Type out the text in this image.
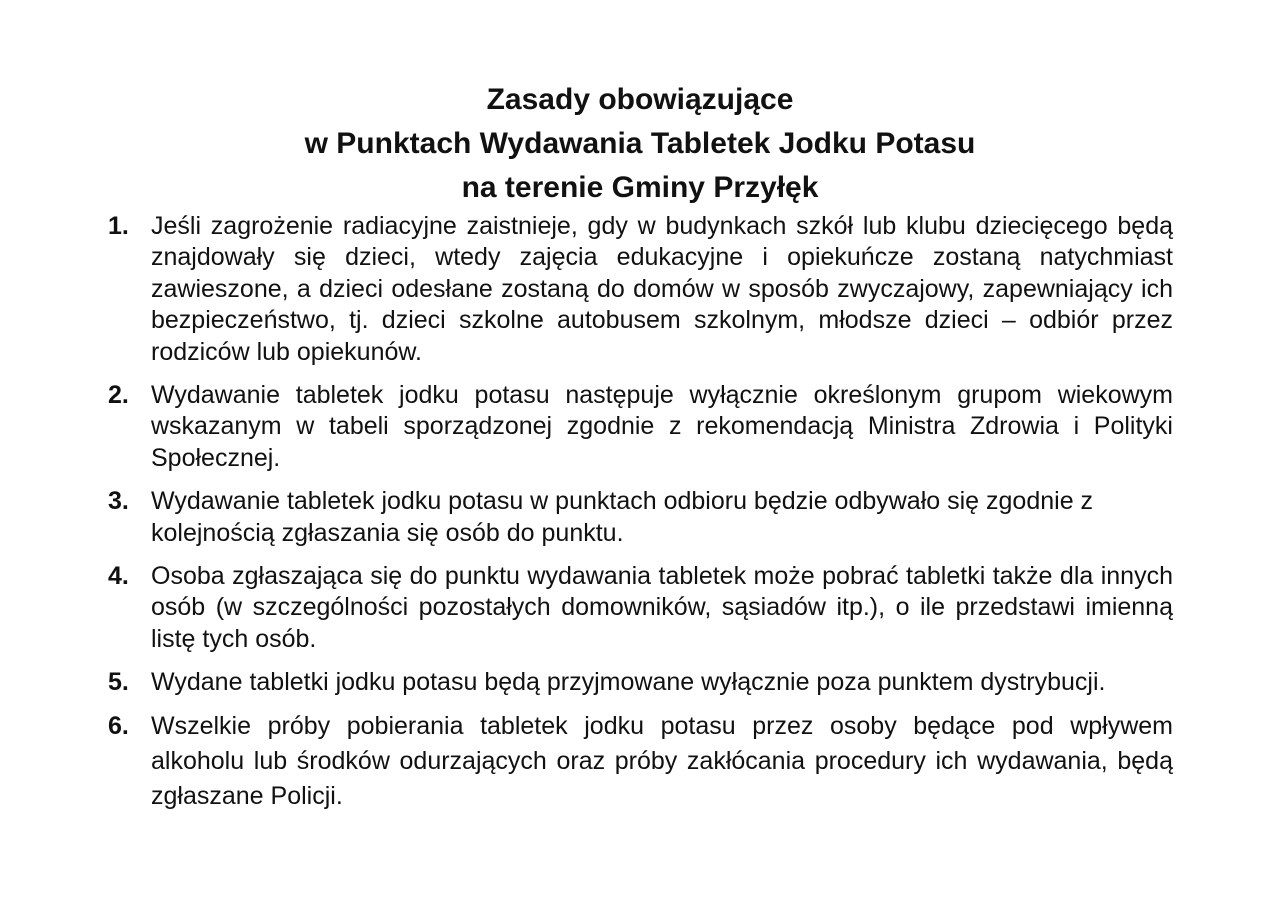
Zasady obowiązujące
w Punktach Wydawania Tabletek Jodku Potasu
na terenie Gminy Przyłęk
1. Jeśli zagrożenie radiacyjne zaistnieje, gdy w budynkach szkół lub klubu dziecięcego będą znajdowały się dzieci, wtedy zajęcia edukacyjne i opiekuńcze zostaną natychmiast zawieszone, a dzieci odesłane zostaną do domów w sposób zwyczajowy, zapewniający ich bezpieczeństwo, tj. dzieci szkolne autobusem szkolnym, młodsze dzieci – odbiór przez rodziców lub opiekunów.
2. Wydawanie tabletek jodku potasu następuje wyłącznie określonym grupom wiekowym wskazanym w tabeli sporządzonej zgodnie z rekomendacją Ministra Zdrowia i Polityki Społecznej.
3. Wydawanie tabletek jodku potasu w punktach odbioru będzie odbywało się zgodnie z kolejnością zgłaszania się osób do punktu.
4. Osoba zgłaszająca się do punktu wydawania tabletek może pobrać tabletki także dla innych osób (w szczególności pozostałych domowników, sąsiadów itp.), o ile przedstawi imienną listę tych osób.
5. Wydane tabletki jodku potasu będą przyjmowane wyłącznie poza punktem dystrybucji.
6. Wszelkie próby pobierania tabletek jodku potasu przez osoby będące pod wpływem alkoholu lub środków odurzających oraz próby zakłócania procedury ich wydawania, będą zgłaszane Policji.
